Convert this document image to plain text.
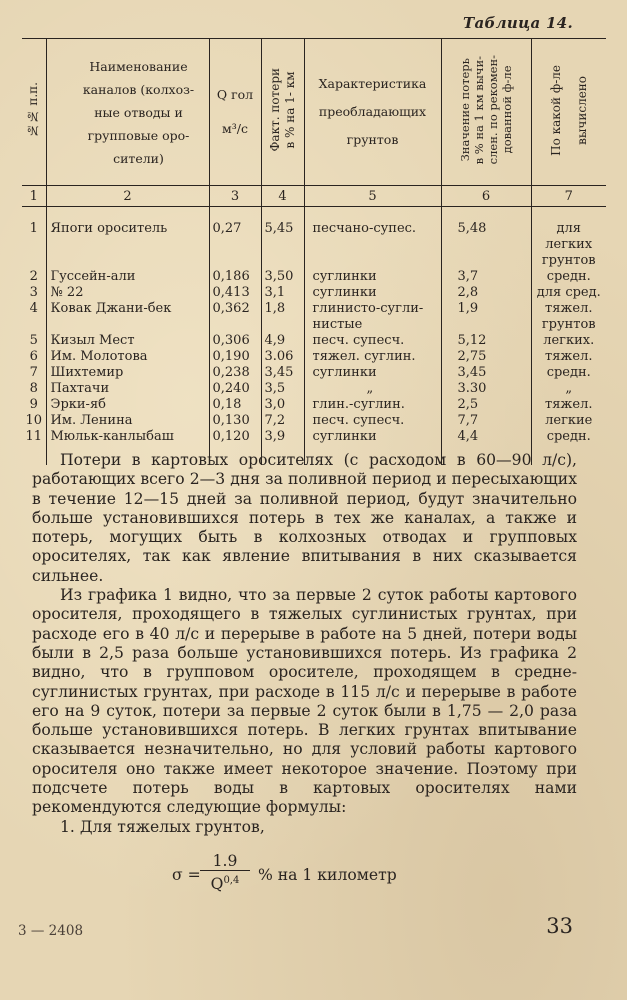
Таблица 14.
№№ п.п.	Наименование
каналов (колхоз-
ные отводы и
групповые оро-
сители)	Q гол
м³/с	Факт. потери
в % на 1- км	Характеристика
преобладающих
грунтов	Значение потерь
в % на 1 км вычи-
слен. по рекомен-
дованной ф-ле	По какой ф-ле
вычислено
1	2	3	4	5	6	7
1	Япоги ороситель	0,27	5,45	песчано-супес.	5,48	для легких
грунтов
2	Гуссейн-али	0,186	3,50	суглинки	3,7	средн.
3	№ 22	0,413	3,1	суглинки	2,8	для сред.
4	Ковак Джани-бек	0,362	1,8	глинисто-сугли-
нистые	1,9	тяжел.
грунтов
5	Кизыл Мест	0,306	4,9	песч. супесч.	5,12	легких.
6	Им. Молотова	0,190	3.06	тяжел. суглин.	2,75	тяжел.
7	Шихтемир	0,238	3,45	суглинки	3,45	средн.
8	Пахтачи	0,240	3,5	„	3.30	„
9	Эрки-яб	0,18	3,0	глин.-суглин.	2,5	тяжел.
10	Им. Ленина	0,130	7,2	песч. супесч.	7,7	легкие
11	Мюльк-канлыбаш	0,120	3,9	суглинки	4,4	средн.

Потери в картовых оросителях (с расходом в 60—90 л/с), работающих всего 2—3 дня за поливной период и пересыхающих в течение 12—15 дней за поливной период, будут значительно больше установившихся потерь в тех же каналах, а также и потерь, могущих быть в колхозных отводах и групповых оросителях, так как явление впитывания в них сказывается сильнее.

Из графика 1 видно, что за первые 2 суток работы картового оросителя, проходящего в тяжелых суглинистых грунтах, при расходе его в 40 л/с и перерыве в работе на 5 дней, потери воды были в 2,5 раза больше установившихся потерь. Из графика 2 видно, что в групповом оросителе, проходящем в средне-суглинистых грунтах, при расходе в 115 л/с и перерыве в работе его на 9 суток, потери за первые 2 суток были в 1,75 — 2,0 раза больше установившихся потерь. В легких грунтах впитывание сказывается незначительно, но для условий работы картового оросителя оно также имеет некоторое значение. Поэтому при подсчете потерь воды в картовых оросителях нами рекомендуются следующие формулы:

1. Для тяжелых грунтов,

$\sigma = \frac{1.9}{Q^{0,4}}$ % на 1 километр
3 — 2408	33
